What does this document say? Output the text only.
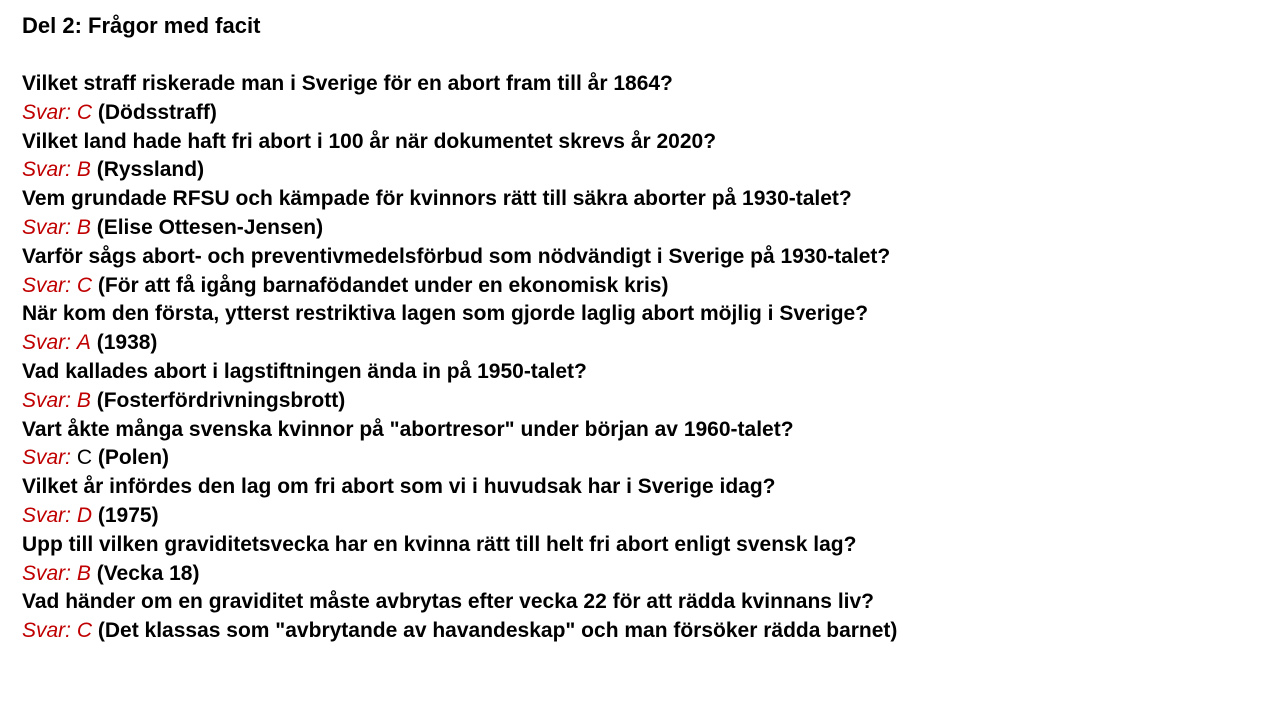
Del 2: Frågor med facit
Vilket straff riskerade man i Sverige för en abort fram till år 1864?
Svar: C (Dödsstraff)
Vilket land hade haft fri abort i 100 år när dokumentet skrevs år 2020?
Svar: B (Ryssland)
Vem grundade RFSU och kämpade för kvinnors rätt till säkra aborter på 1930-talet?
Svar: B (Elise Ottesen-Jensen)
Varför sågs abort- och preventivmedelsförbud som nödvändigt i Sverige på 1930-talet?
Svar: C (För att få igång barnafödandet under en ekonomisk kris)
När kom den första, ytterst restriktiva lagen som gjorde laglig abort möjlig i Sverige?
Svar: A (1938)
Vad kallades abort i lagstiftningen ända in på 1950-talet?
Svar: B (Fosterfördrivningsbrott)
Vart åkte många svenska kvinnor på "abortresor" under början av 1960-talet?
Svar: C (Polen)
Vilket år infördes den lag om fri abort som vi i huvudsak har i Sverige idag?
Svar: D (1975)
Upp till vilken graviditetsvecka har en kvinna rätt till helt fri abort enligt svensk lag?
Svar: B (Vecka 18)
Vad händer om en graviditet måste avbrytas efter vecka 22 för att rädda kvinnans liv?
Svar: C (Det klassas som "avbrytande av havandeskap" och man försöker rädda barnet)
